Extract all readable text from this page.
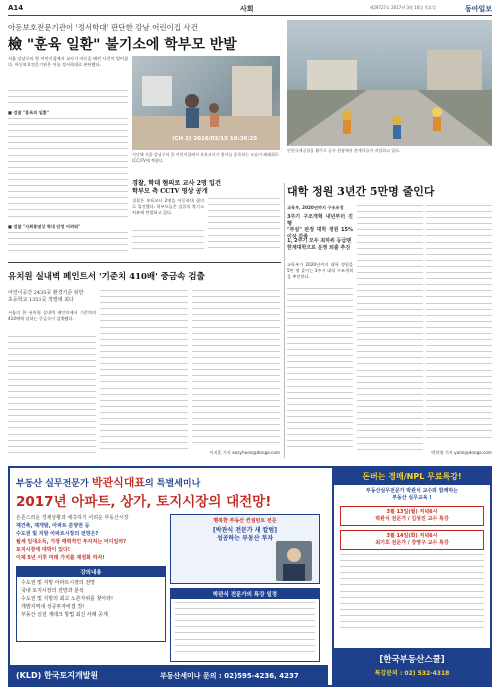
A14	사회	제29727호 2017년 3월 16일 목요일	동아일보
아동보호전문기관이 '정서학대' 판단한 강남 어린이집 사건
檢 "훈육 일환" 불기소에 학부모 반발
서울 강남구의 한 어린이집에서 교사가 아동을 때린 사건이 벌어졌다. 아동보호전문기관은 이를 정서학대로 판단했다.
■ 검찰 "훈육의 일환"
■ 검찰 "사회통념상 학대 단정 어려워"
(CH 2) 2016/03/15 10:36:25
지난해 서울 강남구의 한 어린이집에서 보육교사가 원아를 훈육하는 모습이 폐쇄회로(CC)TV에 찍혔다.
경찰, 학대 혐의로 교사 2명 입건
학부모 측 CCTV 영상 공개
경찰은 보육교사 2명을 아동학대 혐의로 입건했다. 학부모들은 검찰의 불기소 처분에 반발하고 있다.
인천국제공항을 활주로 공사 현장에서 관계자들이 작업하고 있다.
대학 정원 3년간 5만명 줄인다
교육부, 2020년까지 구조조정
3주기 구조개혁 내년부터 진행
"부실" 판정 대학 정원 15%이상 감축
1, 2주기 모두 최하위 등급땐
한계대학으로 운영 퇴출 추진
교육부가 2020년까지 대학 정원을 5만 명 줄이는 3주기 대학 구조개혁을 추진한다.
박희영 기자 yami@donga.com
유치원 실내벽 페인트서 '기준치 410배' 중금속 검출
어린이공간 2435곳 환경기준 위반
초등학교 1351곳 적발돼 최다
서울의 한 유치원 실내벽 페인트에서 기준치의 410배에 달하는 중금속이 검출됐다.
이지훈 기자 easyhoon@donga.com
부동산 실무전문가 박관식대표의 특별세미나
2017년 아파트, 상가, 토지시장의 대전망!
돈존스러운 경제상황과 예측하기 어려운 부동산시장
재건축, 재개발, 아파트 분양권 등
수도권 및 지방 아파트시장의 전망은?
월세 임대소득, 가장 매력적인 투자처는 어디일까?
토지시장에 대박이 있다!
이제 5년 이후 미래 가치를 재점화 하자!
강의내용
수도권 및 지방 아파트시장의 전망
국내 토지시장의 전망과 분석
수도권 및 지방의 최고 노른자위를 찾아라!
개발지역내 성공투자비결 정!
부동산 실전 재테크 방법 최신 사례 공개
(KLD) 한국토지개발원	부동산세미나 문의 : 02)595-4236, 4237
행복한 부동산 컨설턴트 전문
[박관식 전문가 새 칼럼]
성공하는 부동산 투자
박관식 전문가의 특강 일정
돈버는 경매/NPL 무료특강!
부동산실무전문가 박관식 교수와 함께하는
부동산 실무교육 !
3월 13일(월) 저녁6시
박관식 전문가 / 김성진 교수 특강
3월 14일(화) 저녁6시
최기호 전문가 / 강영구 교수 특강
[한국부동산스쿨]
특강문의 : 02) 532-4318
